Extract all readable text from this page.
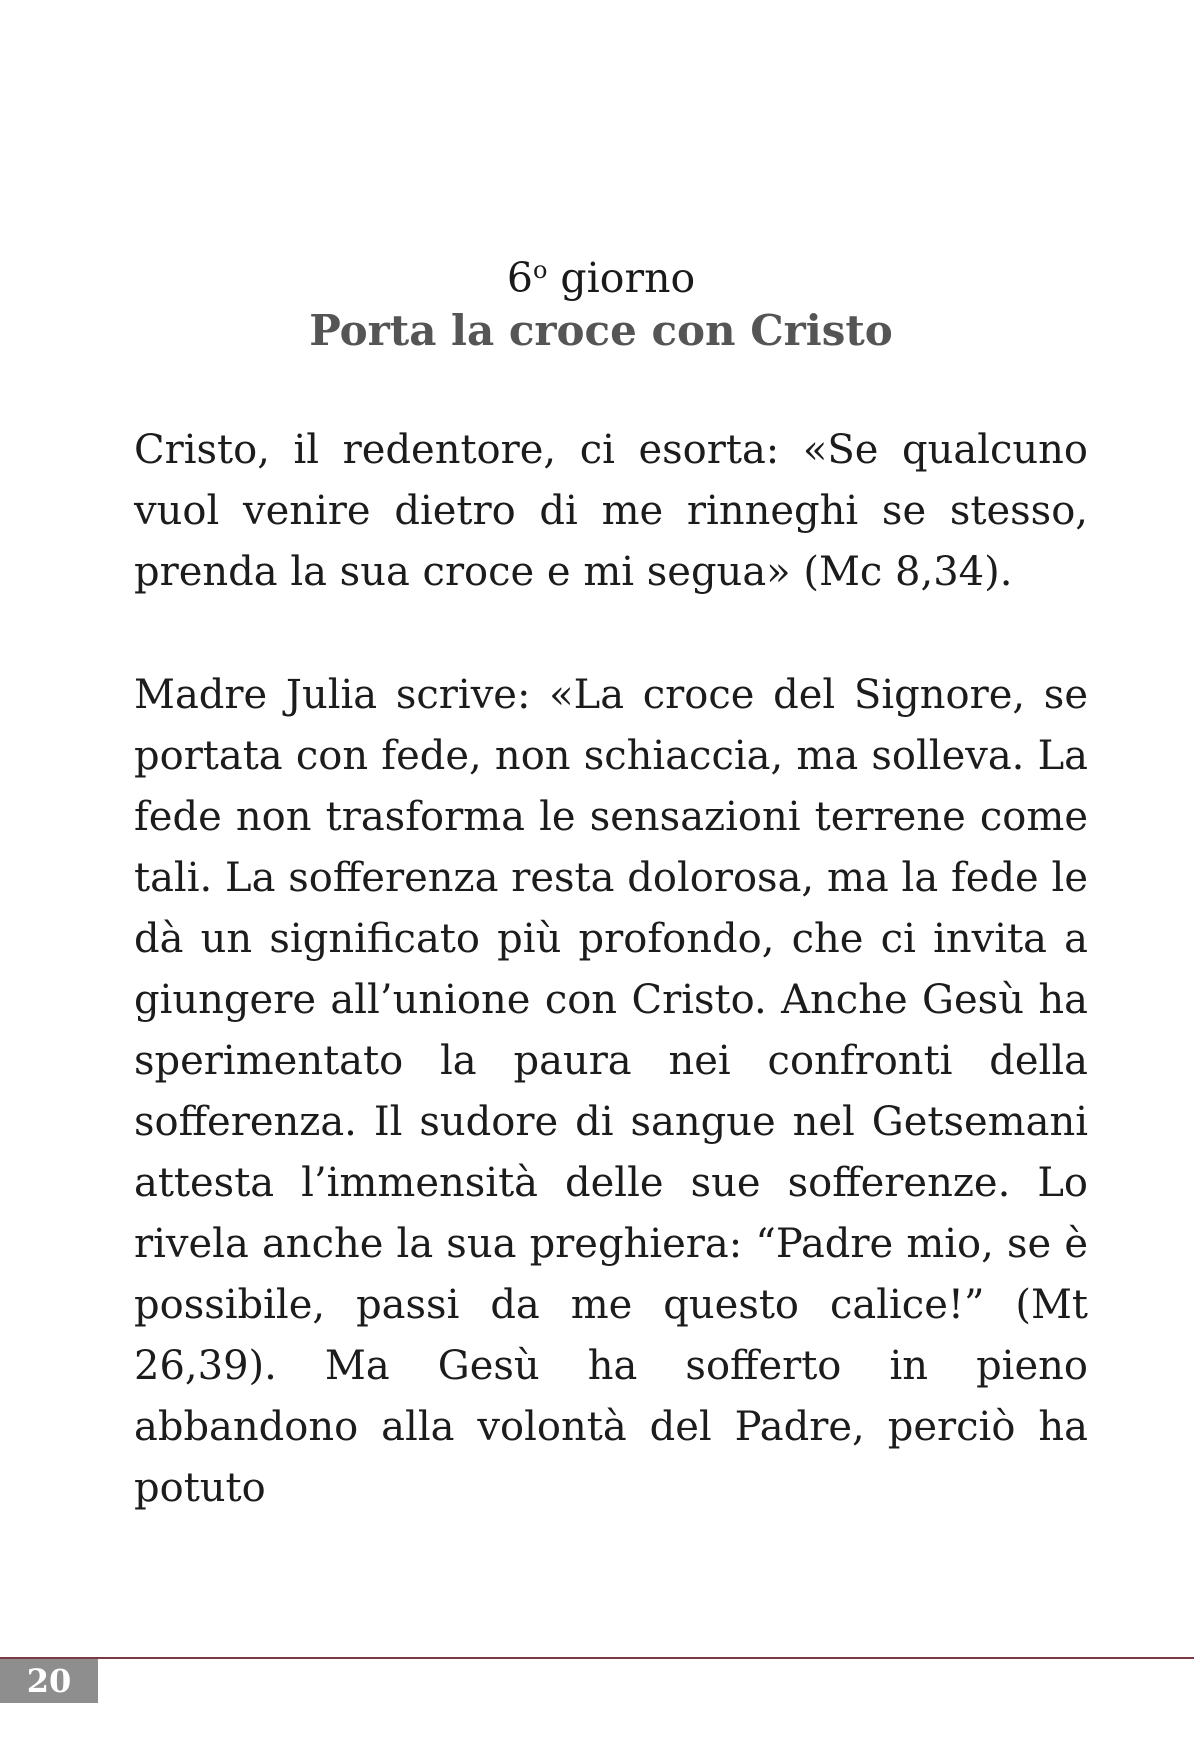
6$^o$ giorno
Porta la croce con Cristo

Cristo, il redentore, ci esorta: «Se qualcuno vuol venire dietro di me rinneghi se stesso, prenda la sua croce e mi segua» (Mc 8,34).

Madre Julia scrive: «La croce del Signore, se portata con fede, non schiaccia, ma solleva. La fede non trasforma le sensazioni terrene come tali. La sofferenza resta dolorosa, ma la fede le dà un significato più profondo, che ci invita a giungere all’unione con Cristo. Anche Gesù ha sperimentato la paura nei confronti della sofferenza. Il sudore di sangue nel Getsemani attesta l’immensità delle sue sofferenze. Lo rivela anche la sua preghiera: “Padre mio, se è possibile, passi da me questo calice!” (Mt 26,39). Ma Gesù ha sofferto in pieno abbandono alla volontà del Padre, perciò ha potuto

20
